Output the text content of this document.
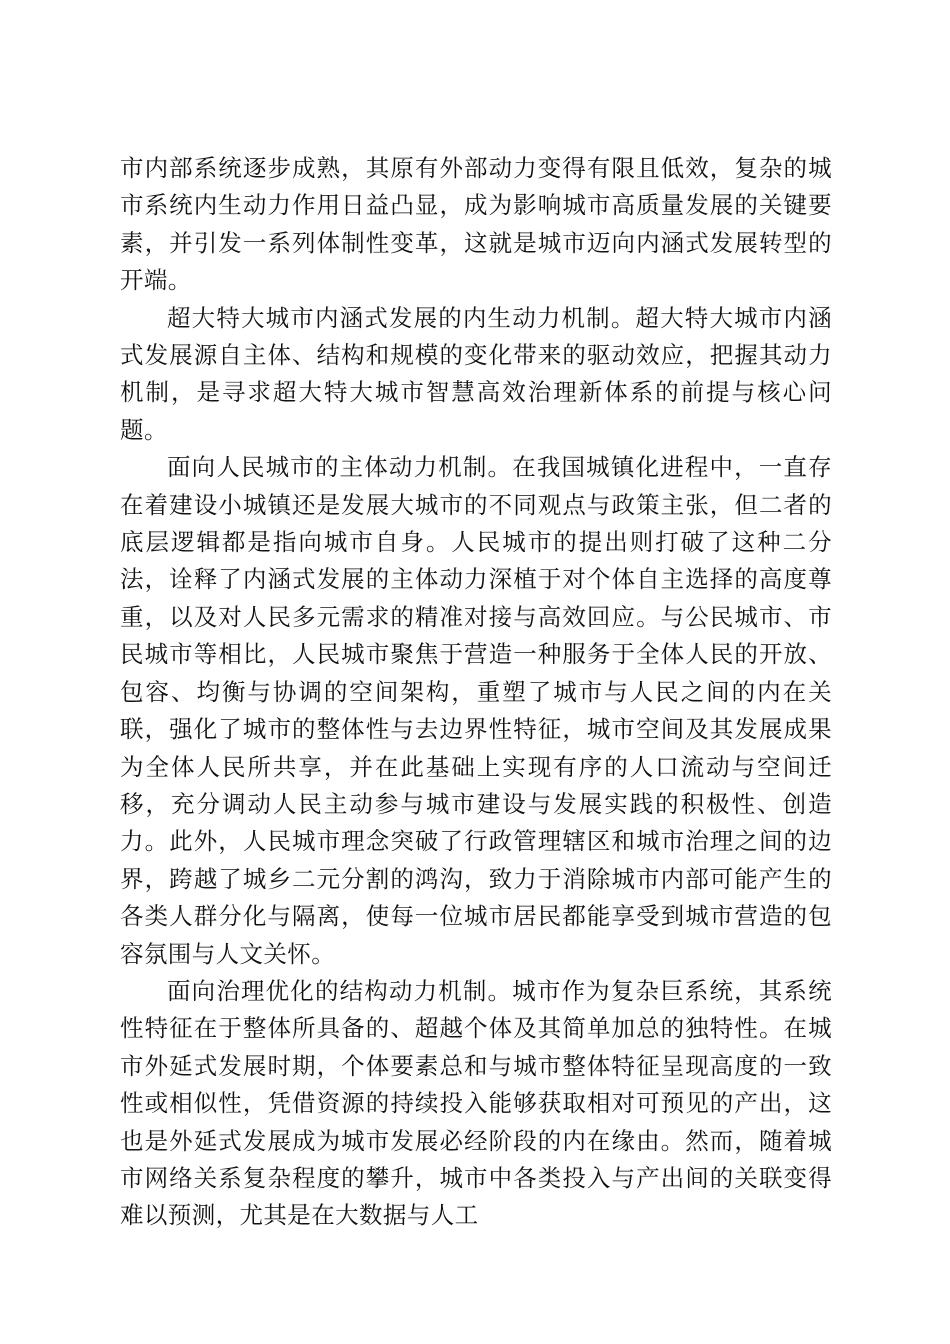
市内部系统逐步成熟，其原有外部动力变得有限且低效，复杂的城市系统内生动力作用日益凸显，成为影响城市高质量发展的关键要素，并引发一系列体制性变革，这就是城市迈向内涵式发展转型的开端。

超大特大城市内涵式发展的内生动力机制。超大特大城市内涵式发展源自主体、结构和规模的变化带来的驱动效应，把握其动力机制，是寻求超大特大城市智慧高效治理新体系的前提与核心问题。

面向人民城市的主体动力机制。在我国城镇化进程中，一直存在着建设小城镇还是发展大城市的不同观点与政策主张，但二者的底层逻辑都是指向城市自身。人民城市的提出则打破了这种二分法，诠释了内涵式发展的主体动力深植于对个体自主选择的高度尊重，以及对人民多元需求的精准对接与高效回应。与公民城市、市民城市等相比，人民城市聚焦于营造一种服务于全体人民的开放、包容、均衡与协调的空间架构，重塑了城市与人民之间的内在关联，强化了城市的整体性与去边界性特征，城市空间及其发展成果为全体人民所共享，并在此基础上实现有序的人口流动与空间迁移，充分调动人民主动参与城市建设与发展实践的积极性、创造力。此外，人民城市理念突破了行政管理辖区和城市治理之间的边界，跨越了城乡二元分割的鸿沟，致力于消除城市内部可能产生的各类人群分化与隔离，使每一位城市居民都能享受到城市营造的包容氛围与人文关怀。

面向治理优化的结构动力机制。城市作为复杂巨系统，其系统性特征在于整体所具备的、超越个体及其简单加总的独特性。在城市外延式发展时期，个体要素总和与城市整体特征呈现高度的一致性或相似性，凭借资源的持续投入能够获取相对可预见的产出，这也是外延式发展成为城市发展必经阶段的内在缘由。然而，随着城市网络关系复杂程度的攀升，城市中各类投入与产出间的关联变得难以预测，尤其是在大数据与人工
